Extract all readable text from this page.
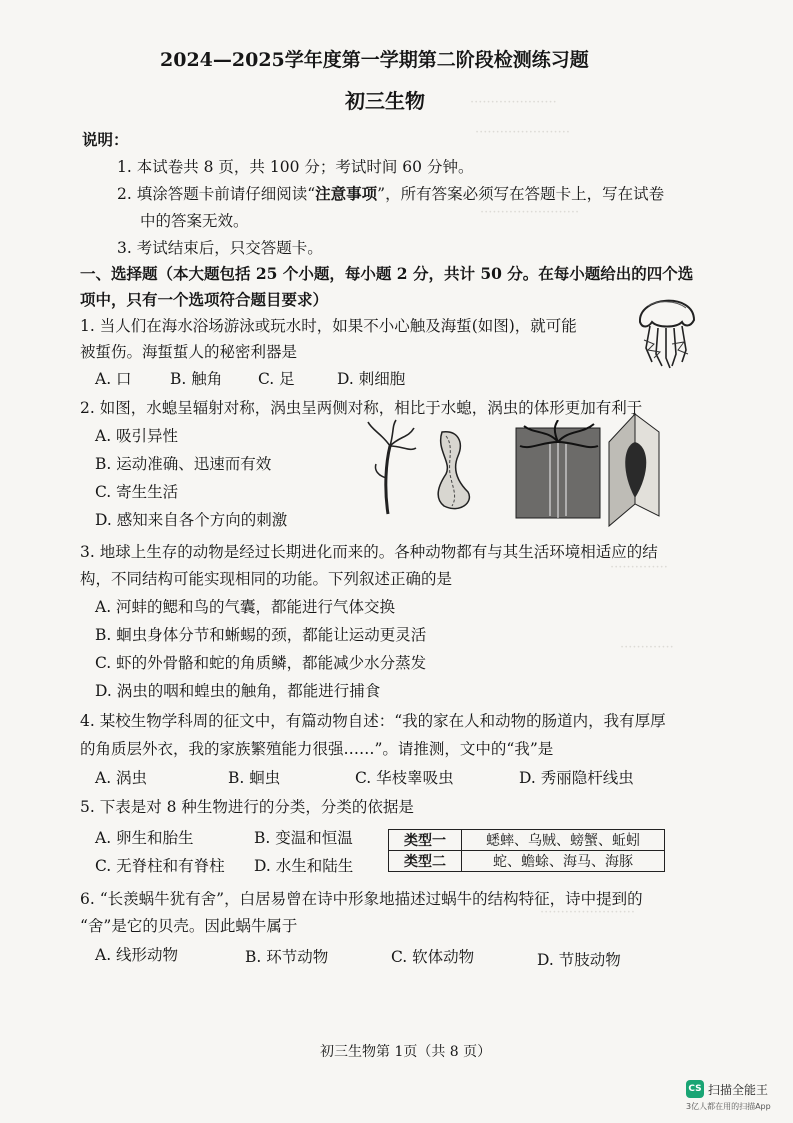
·····················
·······················
························
··············
·············
·······················
2024—2025学年度第一学期第二阶段检测练习题
初三生物
说明：
1. 本试卷共 8 页，共 100 分；考试时间 60 分钟。
2. 填涂答题卡前请仔细阅读“注意事项”，所有答案必须写在答题卡上，写在试卷
中的答案无效。
3. 考试结束后，只交答题卡。
一、选择题（本大题包括 25 个小题，每小题 2 分，共计 50 分。在每小题给出的四个选
项中，只有一个选项符合题目要求）
1. 当人们在海水浴场游泳或玩水时，如果不小心触及海蜇(如图)，就可能
被蜇伤。海蜇蜇人的秘密利器是
A. 口 B. 触角 C. 足	D. 刺细胞
2. 如图，水螅呈辐射对称，涡虫呈两侧对称，相比于水螅，涡虫的体形更加有利于
A. 吸引异性
B. 运动准确、迅速而有效
C. 寄生生活
D. 感知来自各个方向的刺激
3. 地球上生存的动物是经过长期进化而来的。各种动物都有与其生活环境相适应的结
构，不同结构可能实现相同的功能。下列叙述正确的是
A. 河蚌的鳃和鸟的气囊，都能进行气体交换
B. 蛔虫身体分节和蜥蜴的颈，都能让运动更灵活
C. 虾的外骨骼和蛇的角质鳞，都能减少水分蒸发
D. 涡虫的咽和蝗虫的触角，都能进行捕食
4. 某校生物学科周的征文中，有篇动物自述：“我的家在人和动物的肠道内，我有厚厚
的角质层外衣，我的家族繁殖能力很强……”。请推测，文中的“我”是
A. 涡虫	B. 蛔虫	C. 华枝睾吸虫	D. 秀丽隐杆线虫
5. 下表是对 8 种生物进行的分类，分类的依据是
A. 卵生和胎生	B. 变温和恒温
C. 无脊柱和有脊柱 D. 水生和陆生
类型一	蟋蟀、乌贼、螃蟹、蚯蚓
类型二	蛇、蟾蜍、海马、海豚
6. “长羡蜗牛犹有舍”，白居易曾在诗中形象地描述过蜗牛的结构特征，诗中提到的
“舍”是它的贝壳。因此蜗牛属于
A. 线形动物	B. 环节动物	C. 软体动物	D. 节肢动物
初三生物第 1页（共 8 页）
CS 扫描全能王
3亿人都在用的扫描App
